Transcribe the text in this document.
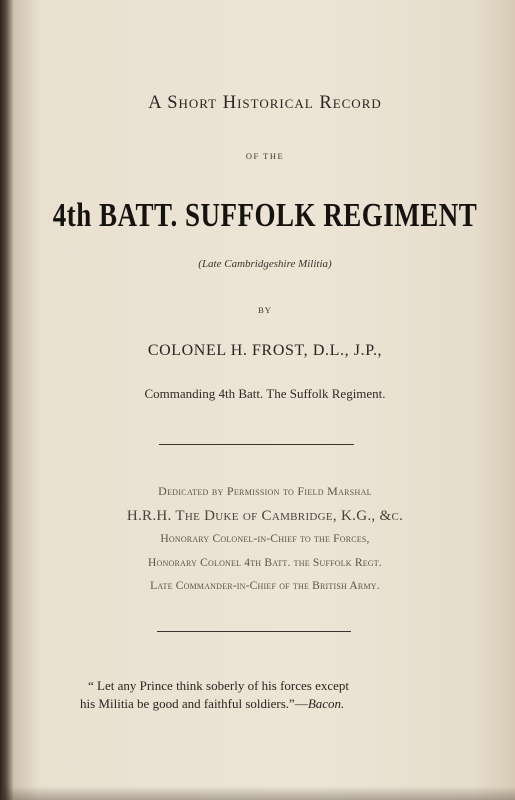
A Short Historical Record
OF THE
4th BATT. SUFFOLK REGIMENT
(Late Cambridgeshire Militia)
BY
COLONEL H. FROST, D.L., J.P.,
Commanding 4th Batt. The Suffolk Regiment.
Dedicated by Permission to Field Marshal
H.R.H. The Duke of Cambridge, K.G., &c.
Honorary Colonel-in-Chief to the Forces,
Honorary Colonel 4th Batt. the Suffolk Regt.
Late Commander-in-Chief of the British Army.
“ Let any Prince think soberly of his forces except
his Militia be good and faithful soldiers.”—Bacon.
